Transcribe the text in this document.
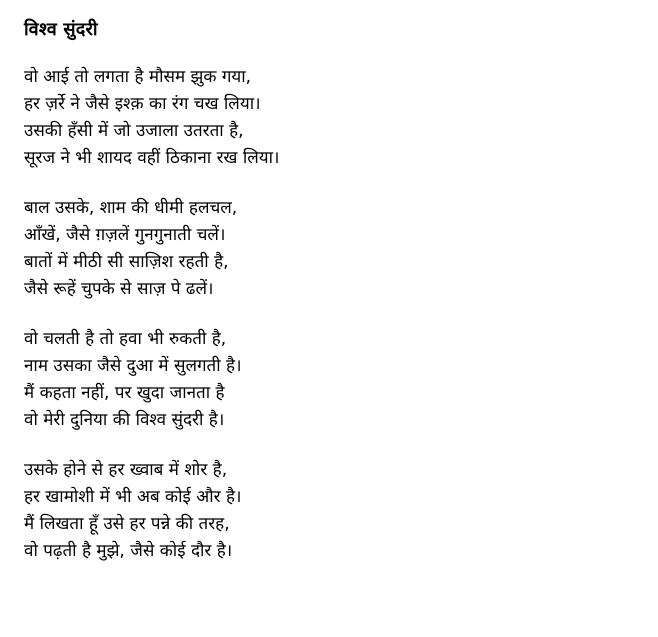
विश्व सुंदरी
वो आई तो लगता है मौसम झुक गया,
हर ज़र्रे ने जैसे इश्क़ का रंग चख लिया।
उसकी हँसी में जो उजाला उतरता है,
सूरज ने भी शायद वहीं ठिकाना रख लिया।
बाल उसके, शाम की धीमी हलचल,
आँखें, जैसे ग़ज़लें गुनगुनाती चलें।
बातों में मीठी सी साज़िश रहती है,
जैसे रूहें चुपके से साज़ पे ढलें।
वो चलती है तो हवा भी रुकती है,
नाम उसका जैसे दुआ में सुलगती है।
मैं कहता नहीं, पर खुदा जानता है
वो मेरी दुनिया की विश्व सुंदरी है।
उसके होने से हर ख्वाब में शोर है,
हर खामोशी में भी अब कोई और है।
मैं लिखता हूँ उसे हर पन्ने की तरह,
वो पढ़ती है मुझे, जैसे कोई दौर है।
